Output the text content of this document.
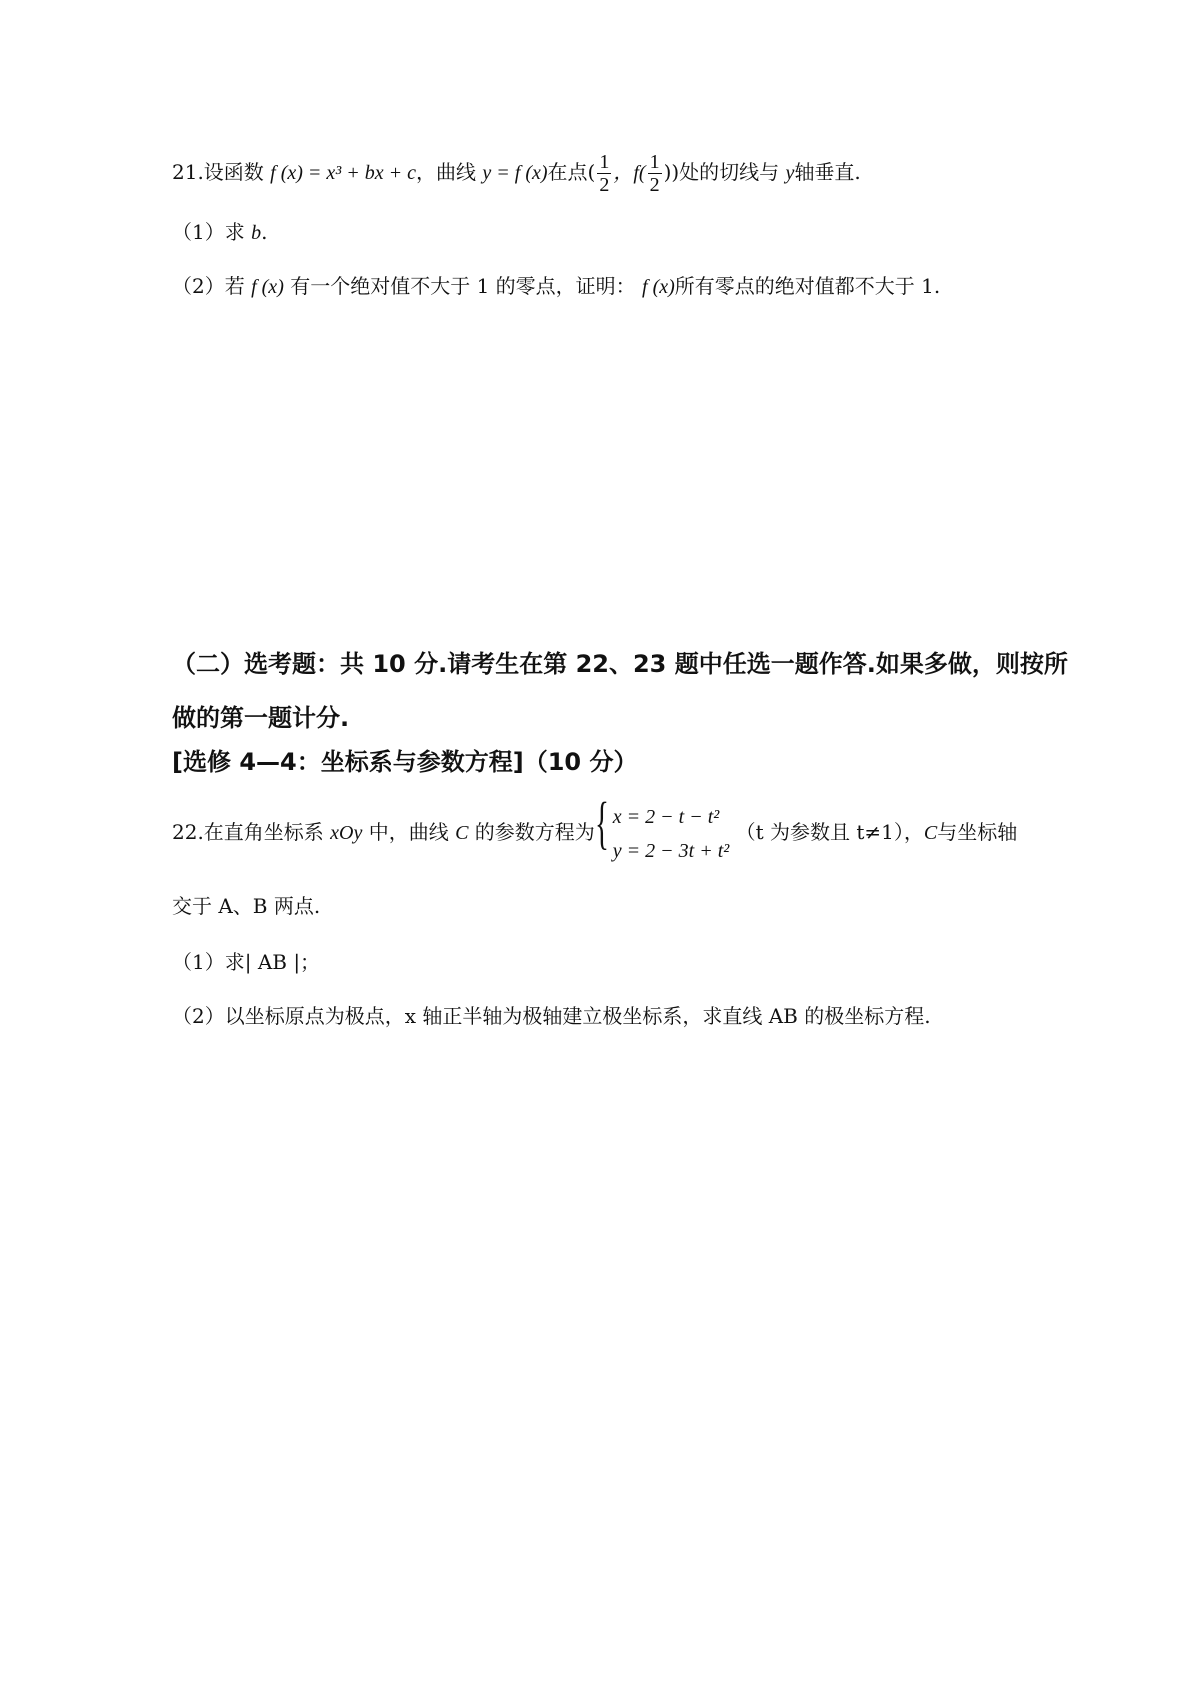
21.设函数 f (x) = x³ + bx + c，曲线 y = f (x)在点( $\frac{1}{2}$ ，$f( \frac{1}{2}$ ))处的切线与 y轴垂直.
（1）求 b.
（2）若 f (x) 有一个绝对值不大于 1 的零点，证明： f (x)所有零点的绝对值都不大于 1.
（二）选考题：共 10 分.请考生在第 22、23 题中任选一题作答.如果多做，则按所
做的第一题计分.
[选修 4—4：坐标系与参数方程]（10 分）
22.在直角坐标系 xOy 中，曲线 C 的参数方程为 { x = 2 − t − t²
y = 2 − 3t + t²
（t 为参数且 t≠1），C与坐标轴
交于 A、B 两点.
（1）求| AB |；
（2）以坐标原点为极点，x 轴正半轴为极轴建立极坐标系，求直线 AB 的极坐标方程.
